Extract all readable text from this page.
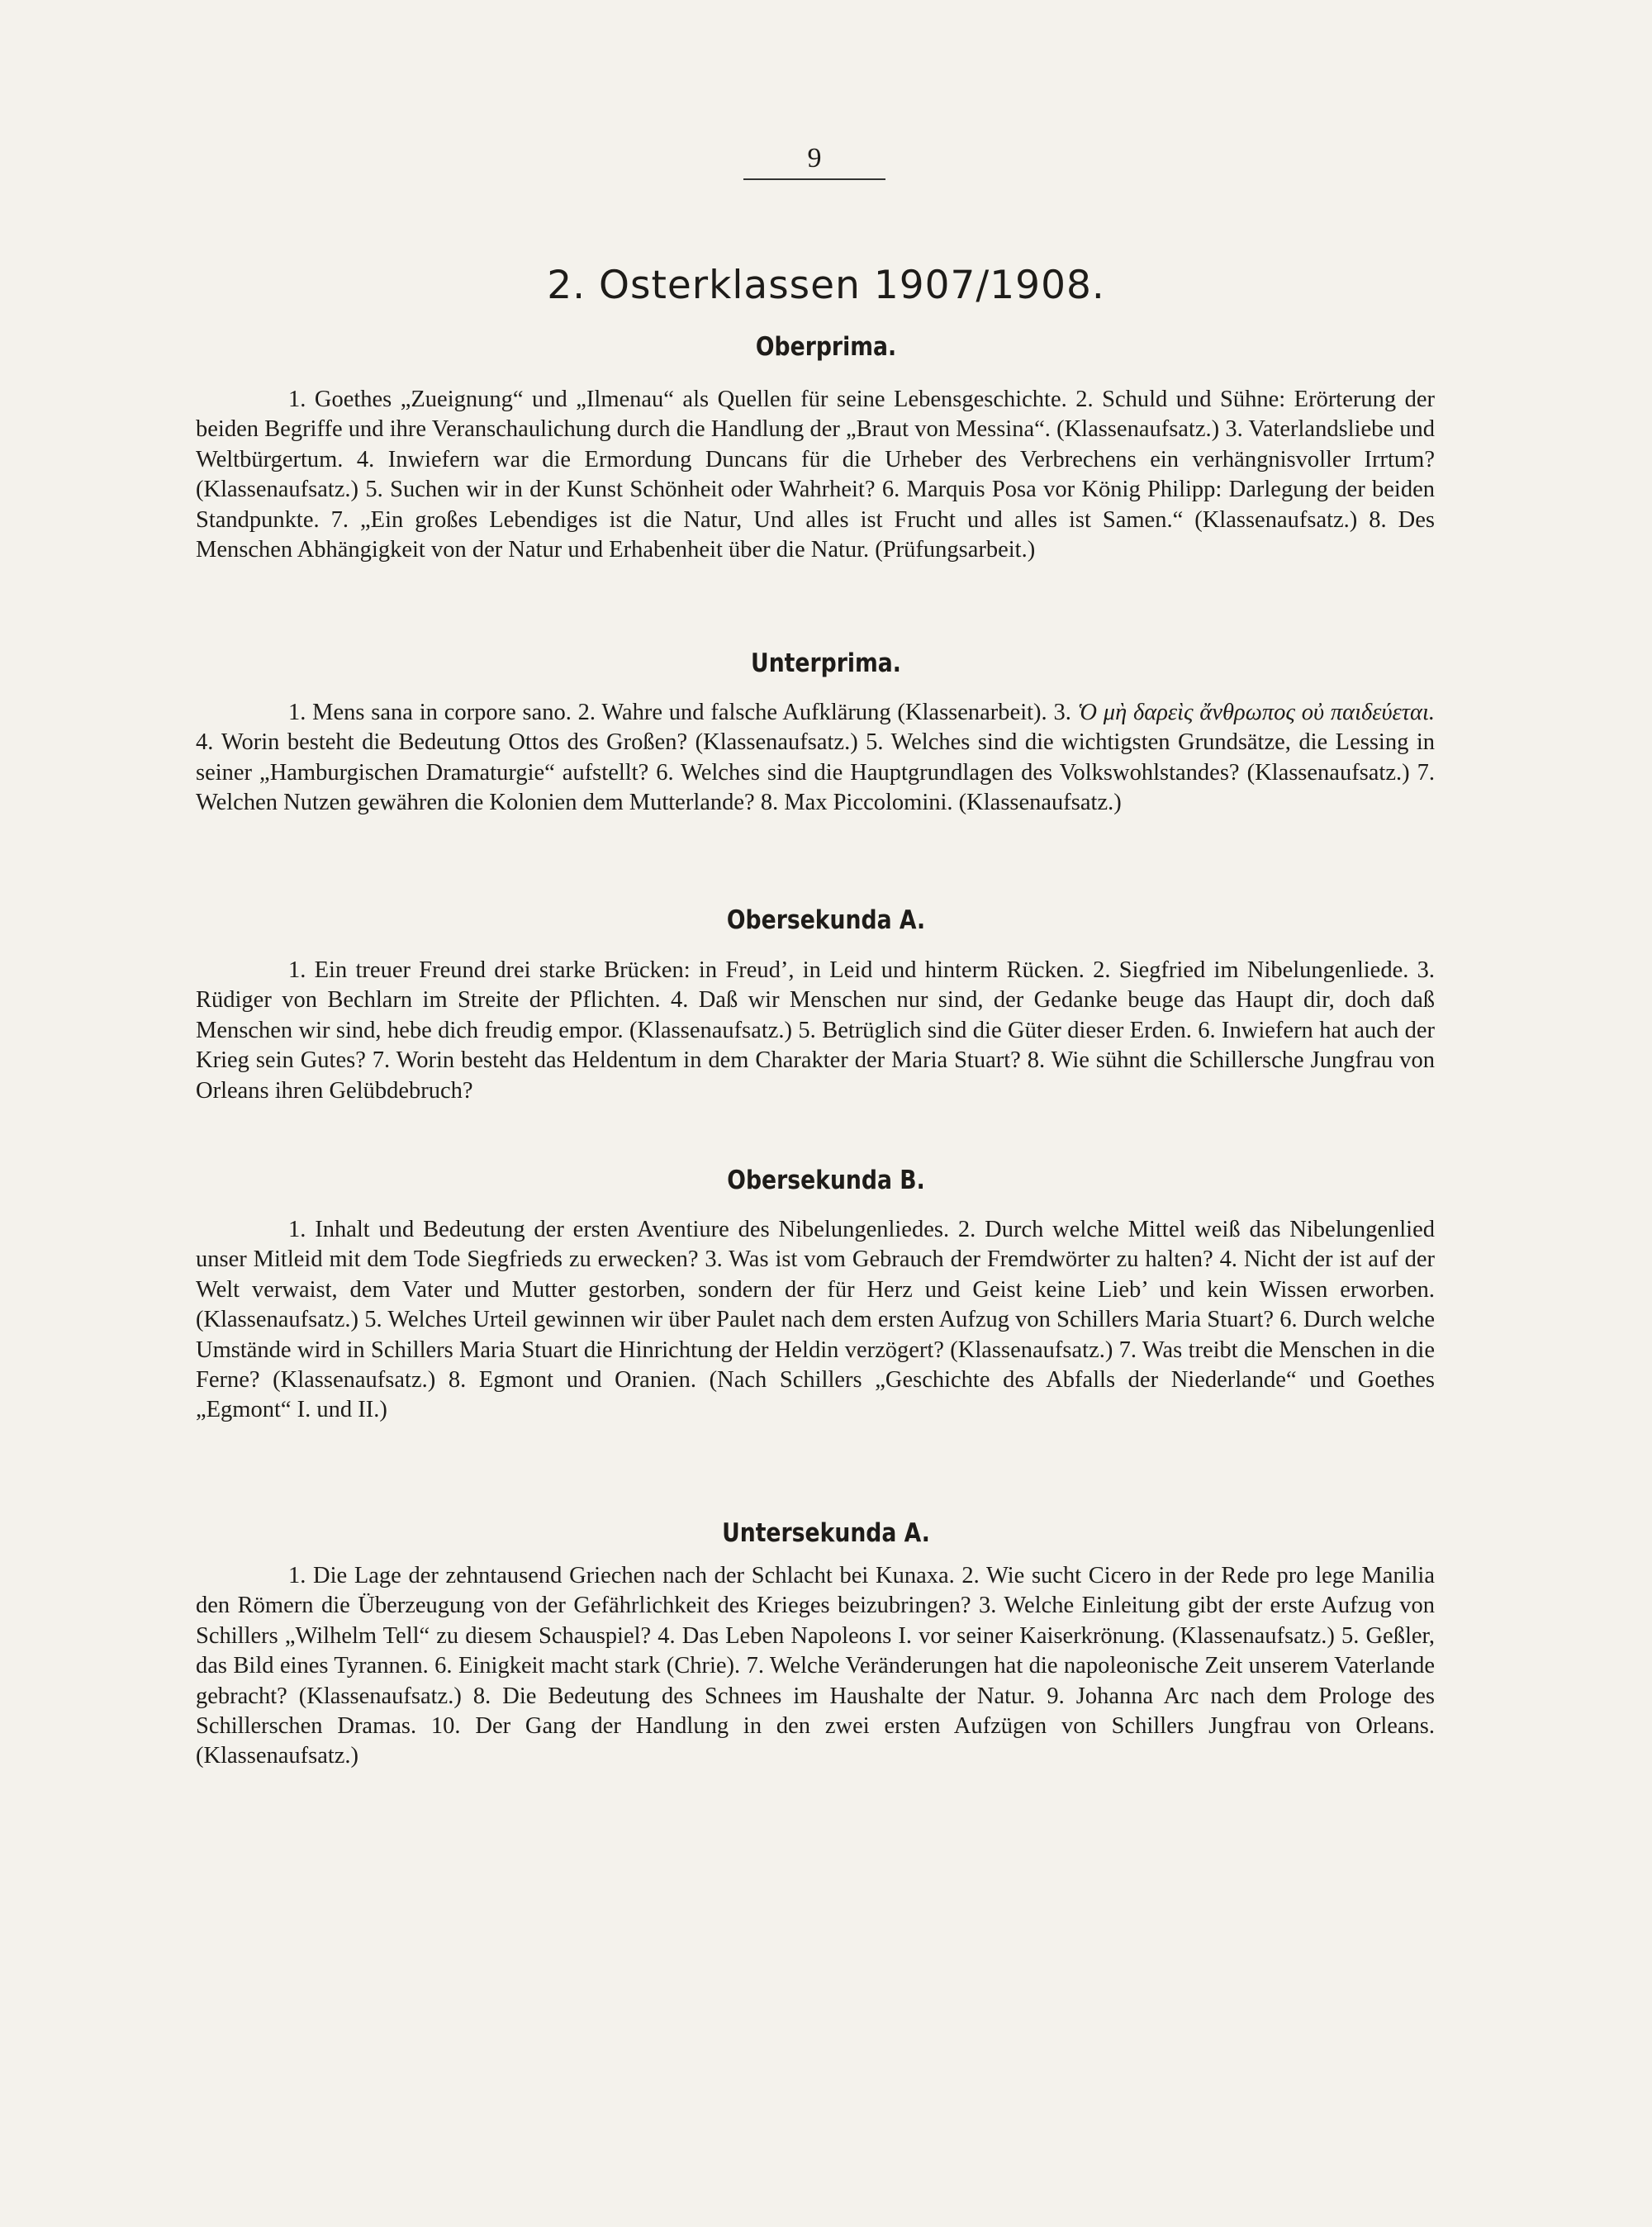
9
2. Osterklassen 1907/1908.
Oberprima.

1. Goethes „Zueignung“ und „Ilmenau“ als Quellen für seine Lebensgeschichte. 2. Schuld und Sühne: Erörterung der beiden Begriffe und ihre Veranschaulichung durch die Handlung der „Braut von Messina“. (Klassenaufsatz.) 3. Vaterlandsliebe und Weltbürgertum. 4. Inwiefern war die Ermordung Duncans für die Urheber des Verbrechens ein verhängnisvoller Irrtum? (Klassenaufsatz.) 5. Suchen wir in der Kunst Schönheit oder Wahrheit? 6. Marquis Posa vor König Philipp: Darlegung der beiden Standpunkte. 7. „Ein großes Lebendiges ist die Natur, Und alles ist Frucht und alles ist Samen.“ (Klassenaufsatz.) 8. Des Menschen Abhängigkeit von der Natur und Erhabenheit über die Natur. (Prüfungsarbeit.)

Unterprima.

1. Mens sana in corpore sano. 2. Wahre und falsche Aufklärung (Klassenarbeit). 3. Ὁ μὴ δαρεὶς ἄνθρωπος οὐ παιδεύεται. 4. Worin besteht die Bedeutung Ottos des Großen? (Klassenaufsatz.) 5. Welches sind die wichtigsten Grundsätze, die Lessing in seiner „Hamburgischen Dramaturgie“ aufstellt? 6. Welches sind die Hauptgrundlagen des Volkswohlstandes? (Klassenaufsatz.) 7. Welchen Nutzen gewähren die Kolonien dem Mutterlande? 8. Max Piccolomini. (Klassenaufsatz.)

Obersekunda A.

1. Ein treuer Freund drei starke Brücken: in Freud’, in Leid und hinterm Rücken. 2. Siegfried im Nibelungenliede. 3. Rüdiger von Bechlarn im Streite der Pflichten. 4. Daß wir Menschen nur sind, der Gedanke beuge das Haupt dir, doch daß Menschen wir sind, hebe dich freudig empor. (Klassenaufsatz.) 5. Betrüglich sind die Güter dieser Erden. 6. Inwiefern hat auch der Krieg sein Gutes? 7. Worin besteht das Heldentum in dem Charakter der Maria Stuart? 8. Wie sühnt die Schillersche Jungfrau von Orleans ihren Gelübdebruch?

Obersekunda B.

1. Inhalt und Bedeutung der ersten Aventiure des Nibelungenliedes. 2. Durch welche Mittel weiß das Nibelungenlied unser Mitleid mit dem Tode Siegfrieds zu erwecken? 3. Was ist vom Gebrauch der Fremdwörter zu halten? 4. Nicht der ist auf der Welt verwaist, dem Vater und Mutter gestorben, sondern der für Herz und Geist keine Lieb’ und kein Wissen erworben. (Klassenaufsatz.) 5. Welches Urteil gewinnen wir über Paulet nach dem ersten Aufzug von Schillers Maria Stuart? 6. Durch welche Umstände wird in Schillers Maria Stuart die Hinrichtung der Heldin verzögert? (Klassenaufsatz.) 7. Was treibt die Menschen in die Ferne? (Klassenaufsatz.) 8. Egmont und Oranien. (Nach Schillers „Geschichte des Abfalls der Niederlande“ und Goethes „Egmont“ I. und II.)

Untersekunda A.

1. Die Lage der zehntausend Griechen nach der Schlacht bei Kunaxa. 2. Wie sucht Cicero in der Rede pro lege Manilia den Römern die Überzeugung von der Gefährlichkeit des Krieges beizubringen? 3. Welche Einleitung gibt der erste Aufzug von Schillers „Wilhelm Tell“ zu diesem Schauspiel? 4. Das Leben Napoleons I. vor seiner Kaiserkrönung. (Klassenaufsatz.) 5. Geßler, das Bild eines Tyrannen. 6. Einigkeit macht stark (Chrie). 7. Welche Veränderungen hat die napoleonische Zeit unserem Vaterlande gebracht? (Klassenaufsatz.) 8. Die Bedeutung des Schnees im Haushalte der Natur. 9. Johanna Arc nach dem Prologe des Schillerschen Dramas. 10. Der Gang der Handlung in den zwei ersten Aufzügen von Schillers Jungfrau von Orleans. (Klassenaufsatz.)
